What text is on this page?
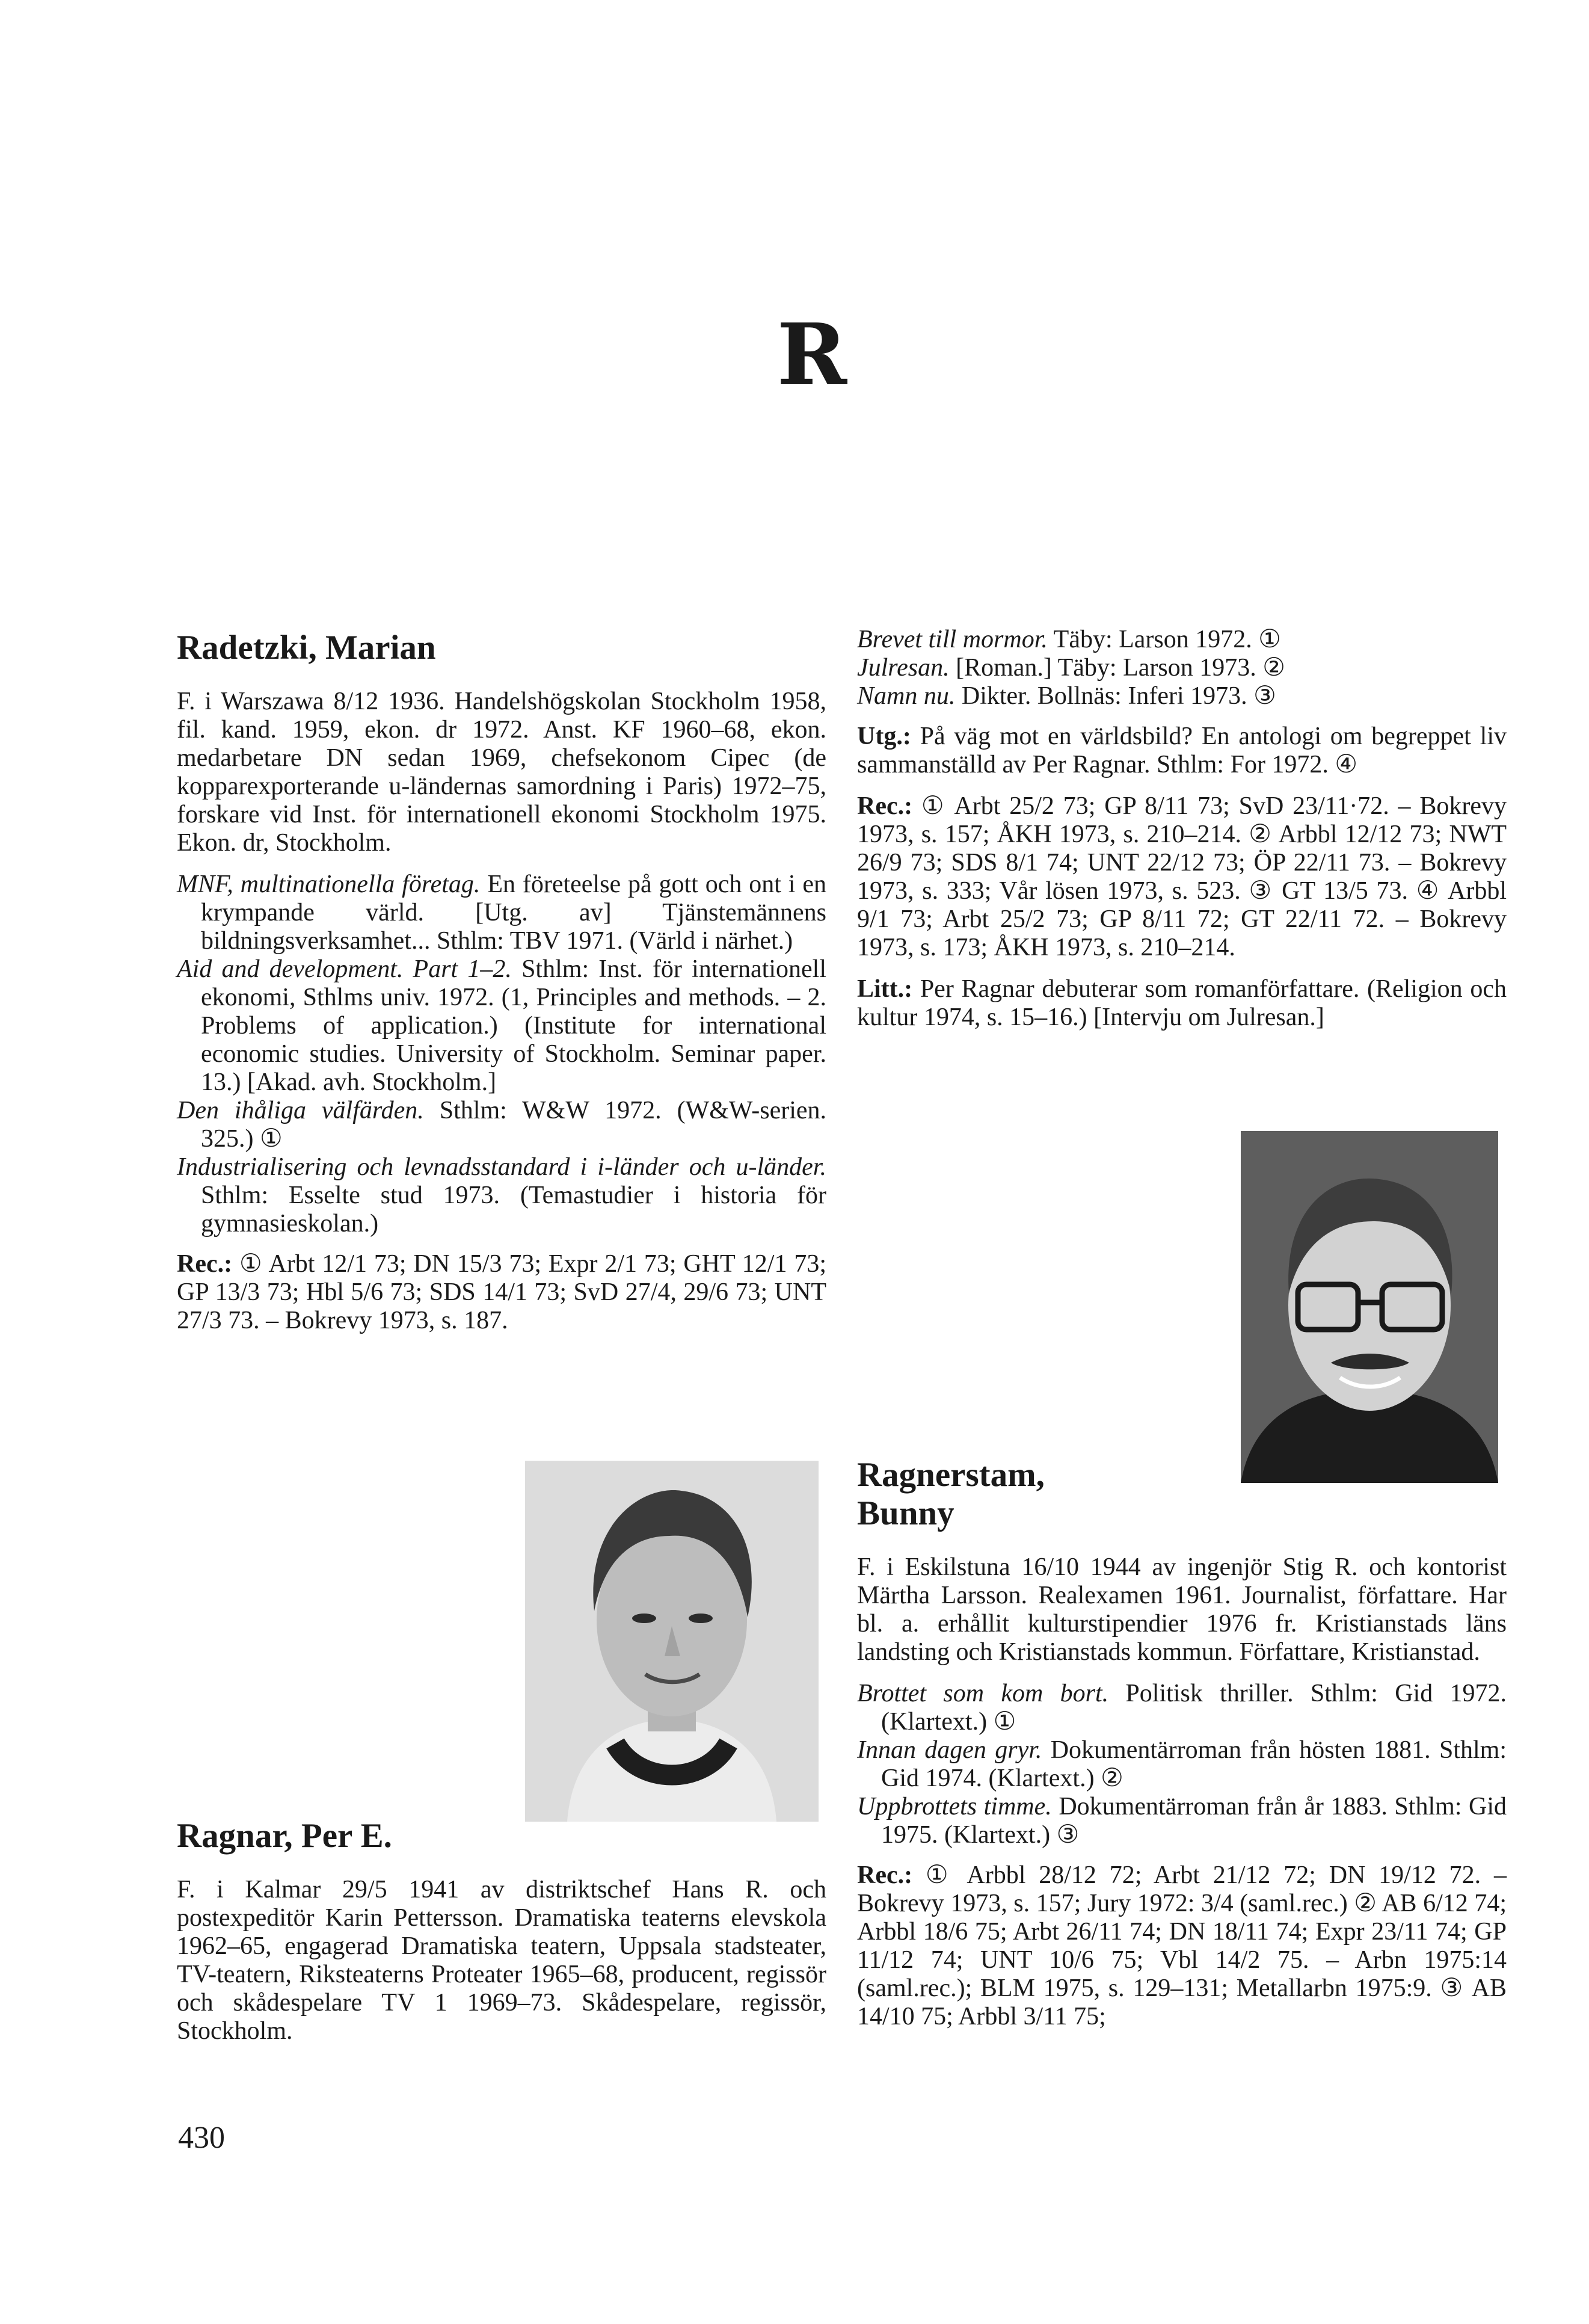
R
Radetzki, Marian
F. i Warszawa 8/12 1936. Handelshögskolan Stockholm 1958, fil. kand. 1959, ekon. dr 1972. Anst. KF 1960–68, ekon. medarbetare DN sedan 1969, chefsekonom Cipec (de kopparexporterande u-ländernas samordning i Paris) 1972–75, forskare vid Inst. för internationell ekonomi Stockholm 1975. Ekon. dr, Stockholm.

MNF, multinationella företag. En företeelse på gott och ont i en krympande värld. [Utg. av] Tjänstemännens bildningsverksamhet... Sthlm: TBV 1971. (Värld i närhet.)

Aid and development. Part 1–2. Sthlm: Inst. för internationell ekonomi, Sthlms univ. 1972. (1, Principles and methods. – 2. Problems of application.) (Institute for international economic studies. University of Stockholm. Seminar paper. 13.) [Akad. avh. Stockholm.]

Den ihåliga välfärden. Sthlm: W&W 1972. (W&W-serien. 325.) ①

Industrialisering och levnadsstandard i i-länder och u-länder. Sthlm: Esselte stud 1973. (Temastudier i historia för gymnasieskolan.)

Rec.: ① Arbt 12/1 73; DN 15/3 73; Expr 2/1 73; GHT 12/1 73; GP 13/3 73; Hbl 5/6 73; SDS 14/1 73; SvD 27/4, 29/6 73; UNT 27/3 73. – Bokrevy 1973, s. 187.
Ragnar, Per E.
F. i Kalmar 29/5 1941 av distriktschef Hans R. och postexpeditör Karin Pettersson. Dramatiska teaterns elevskola 1962–65, engagerad Dramatiska teatern, Uppsala stadsteater, TV-teatern, Riksteaterns Proteater 1965–68, producent, regissör och skådespelare TV 1 1969–73. Skådespelare, regissör, Stockholm.

Brevet till mormor. Täby: Larson 1972. ①

Julresan. [Roman.] Täby: Larson 1973. ②

Namn nu. Dikter. Bollnäs: Inferi 1973. ③

Utg.: På väg mot en världsbild? En antologi om begreppet liv sammanställd av Per Ragnar. Sthlm: For 1972. ④
Rec.: ① Arbt 25/2 73; GP 8/11 73; SvD 23/11·72. – Bokrevy 1973, s. 157; ÅKH 1973, s. 210–214. ② Arbbl 12/12 73; NWT 26/9 73; SDS 8/1 74; UNT 22/12 73; ÖP 22/11 73. – Bokrevy 1973, s. 333; Vår lösen 1973, s. 523. ③ GT 13/5 73. ④ Arbbl 9/1 73; Arbt 25/2 73; GP 8/11 72; GT 22/11 72. – Bokrevy 1973, s. 173; ÅKH 1973, s. 210–214.
Litt.: Per Ragnar debuterar som romanförfattare. (Religion och kultur 1974, s. 15–16.) [Intervju om Julresan.]
Ragnerstam,
Bunny
F. i Eskilstuna 16/10 1944 av ingenjör Stig R. och kontorist Märtha Larsson. Realexamen 1961. Journalist, författare. Har bl. a. erhållit kulturstipendier 1976 fr. Kristianstads läns landsting och Kristianstads kommun. Författare, Kristianstad.

Brottet som kom bort. Politisk thriller. Sthlm: Gid 1972. (Klartext.) ①

Innan dagen gryr. Dokumentärroman från hösten 1881. Sthlm: Gid 1974. (Klartext.) ②

Uppbrottets timme. Dokumentärroman från år 1883. Sthlm: Gid 1975. (Klartext.) ③

Rec.: ① Arbbl 28/12 72; Arbt 21/12 72; DN 19/12 72. – Bokrevy 1973, s. 157; Jury 1972: 3/4 (saml.rec.) ② AB 6/12 74; Arbbl 18/6 75; Arbt 26/11 74; DN 18/11 74; Expr 23/11 74; GP 11/12 74; UNT 10/6 75; Vbl 14/2 75. – Arbn 1975:14 (saml.rec.); BLM 1975, s. 129–131; Metallarbn 1975:9. ③ AB 14/10 75; Arbbl 3/11 75;
430
